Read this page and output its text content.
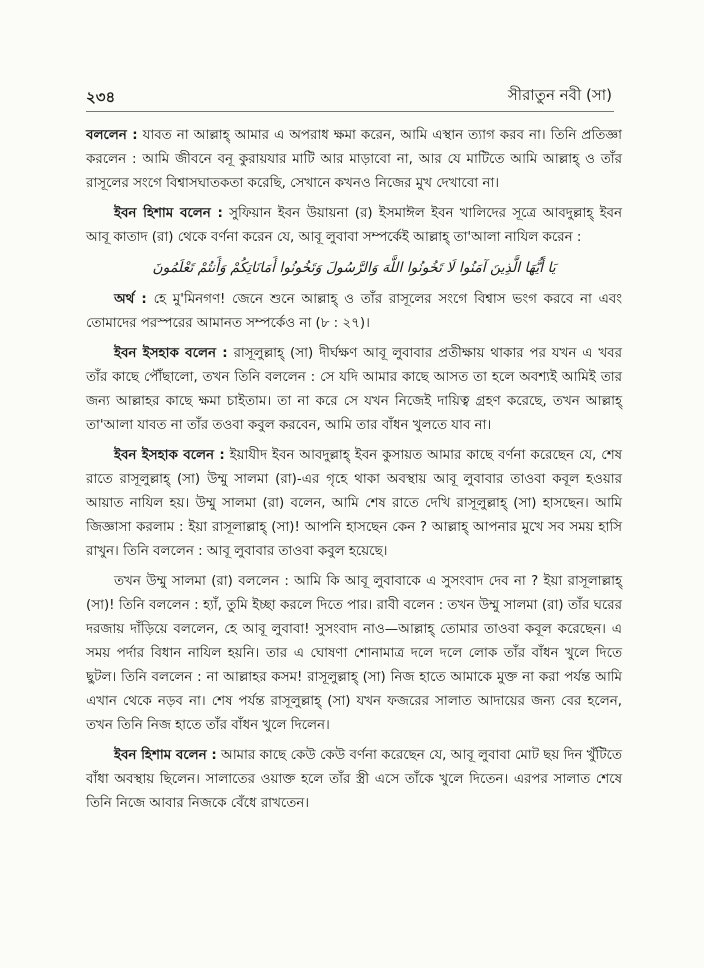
২৩৪	সীরাতুন নবী (সা)

বললেন : যাবত না আল্লাহ্ আমার এ অপরাধ ক্ষমা করেন, আমি এস্থান ত্যাগ করব না। তিনি প্রতিজ্ঞা করলেন : আমি জীবনে বনূ কুরায়যার মাটি আর মাড়াবো না, আর যে মাটিতে আমি আল্লাহ্ ও তাঁর রাসূলের সংগে বিশ্বাসঘাতকতা করেছি, সেখানে কখনও নিজের মুখ দেখাবো না।

ইবন হিশাম বলেন : সুফিয়ান ইবন উয়ায়না (র) ইসমাঈল ইবন খালিদের সূত্রে আবদুল্লাহ্ ইবন আবূ কাতাদ (রা) থেকে বর্ণনা করেন যে, আবূ লুবাবা সম্পর্কেই আল্লাহ্ তা'আলা নাযিল করেন :

يَا أَيُّهَا الَّذِينَ آمَنُوا لَا تَخُونُوا اللَّهَ وَالرَّسُولَ وَتَخُونُوا أَمَانَاتِكُمْ وَأَنتُمْ تَعْلَمُونَ

অর্থ : হে মু'মিনগণ! জেনে শুনে আল্লাহ্ ও তাঁর রাসূলের সংগে বিশ্বাস ভংগ করবে না এবং তোমাদের পরস্পরের আমানত সম্পর্কেও না (৮ : ২৭)।

ইবন ইসহাক বলেন : রাসূলুল্লাহ্ (সা) দীর্ঘক্ষণ আবূ লুবাবার প্রতীক্ষায় থাকার পর যখন এ খবর তাঁর কাছে পৌঁছালো, তখন তিনি বললেন : সে যদি আমার কাছে আসত তা হলে অবশ্যই আমিই তার জন্য আল্লাহর কাছে ক্ষমা চাইতাম। তা না করে সে যখন নিজেই দায়িত্ব গ্রহণ করেছে, তখন আল্লাহ্ তা'আলা যাবত না তাঁর তওবা কবুল করবেন, আমি তার বাঁধন খুলতে যাব না।

ইবন ইসহাক বলেন : ইয়াযীদ ইবন আবদুল্লাহ্ ইবন কুসায়ত আমার কাছে বর্ণনা করেছেন যে, শেষ রাতে রাসূলুল্লাহ্ (সা) উম্মু সালমা (রা)-এর গৃহে থাকা অবস্থায় আবূ লুবাবার তাওবা কবূল হওয়ার আয়াত নাযিল হয়। উম্মু সালমা (রা) বলেন, আমি শেষ রাতে দেখি রাসূলুল্লাহ্ (সা) হাসছেন। আমি জিজ্ঞাসা করলাম : ইয়া রাসূলাল্লাহ্ (সা)! আপনি হাসছেন কেন ? আল্লাহ্ আপনার মুখে সব সময় হাসি রাখুন। তিনি বললেন : আবূ লুবাবার তাওবা কবুল হয়েছে।

তখন উম্মু সালমা (রা) বললেন : আমি কি আবূ লুবাবাকে এ সুসংবাদ দেব না ? ইয়া রাসূলাল্লাহ্ (সা)! তিনি বললেন : হ্যাঁ, তুমি ইচ্ছা করলে দিতে পার। রাবী বলেন : তখন উম্মু সালমা (রা) তাঁর ঘরের দরজায় দাঁড়িয়ে বললেন, হে আবূ লুবাবা! সুসংবাদ নাও—আল্লাহ্ তোমার তাওবা কবূল করেছেন। এ সময় পর্দার বিধান নাযিল হয়নি। তার এ ঘোষণা শোনামাত্র দলে দলে লোক তাঁর বাঁধন খুলে দিতে ছুটল। তিনি বললেন : না আল্লাহর কসম! রাসূলুল্লাহ্ (সা) নিজ হাতে আমাকে মুক্ত না করা পর্যন্ত আমি এখান থেকে নড়ব না। শেষ পর্যন্ত রাসূলুল্লাহ্ (সা) যখন ফজরের সালাত আদায়ের জন্য বের হলেন, তখন তিনি নিজ হাতে তাঁর বাঁধন খুলে দিলেন।

ইবন হিশাম বলেন : আমার কাছে কেউ কেউ বর্ণনা করেছেন যে, আবূ লুবাবা মোট ছয় দিন খুঁটিতে বাঁধা অবস্থায় ছিলেন। সালাতের ওয়াক্ত হলে তাঁর স্ত্রী এসে তাঁকে খুলে দিতেন। এরপর সালাত শেষে তিনি নিজে আবার নিজকে বেঁধে রাখতেন।
